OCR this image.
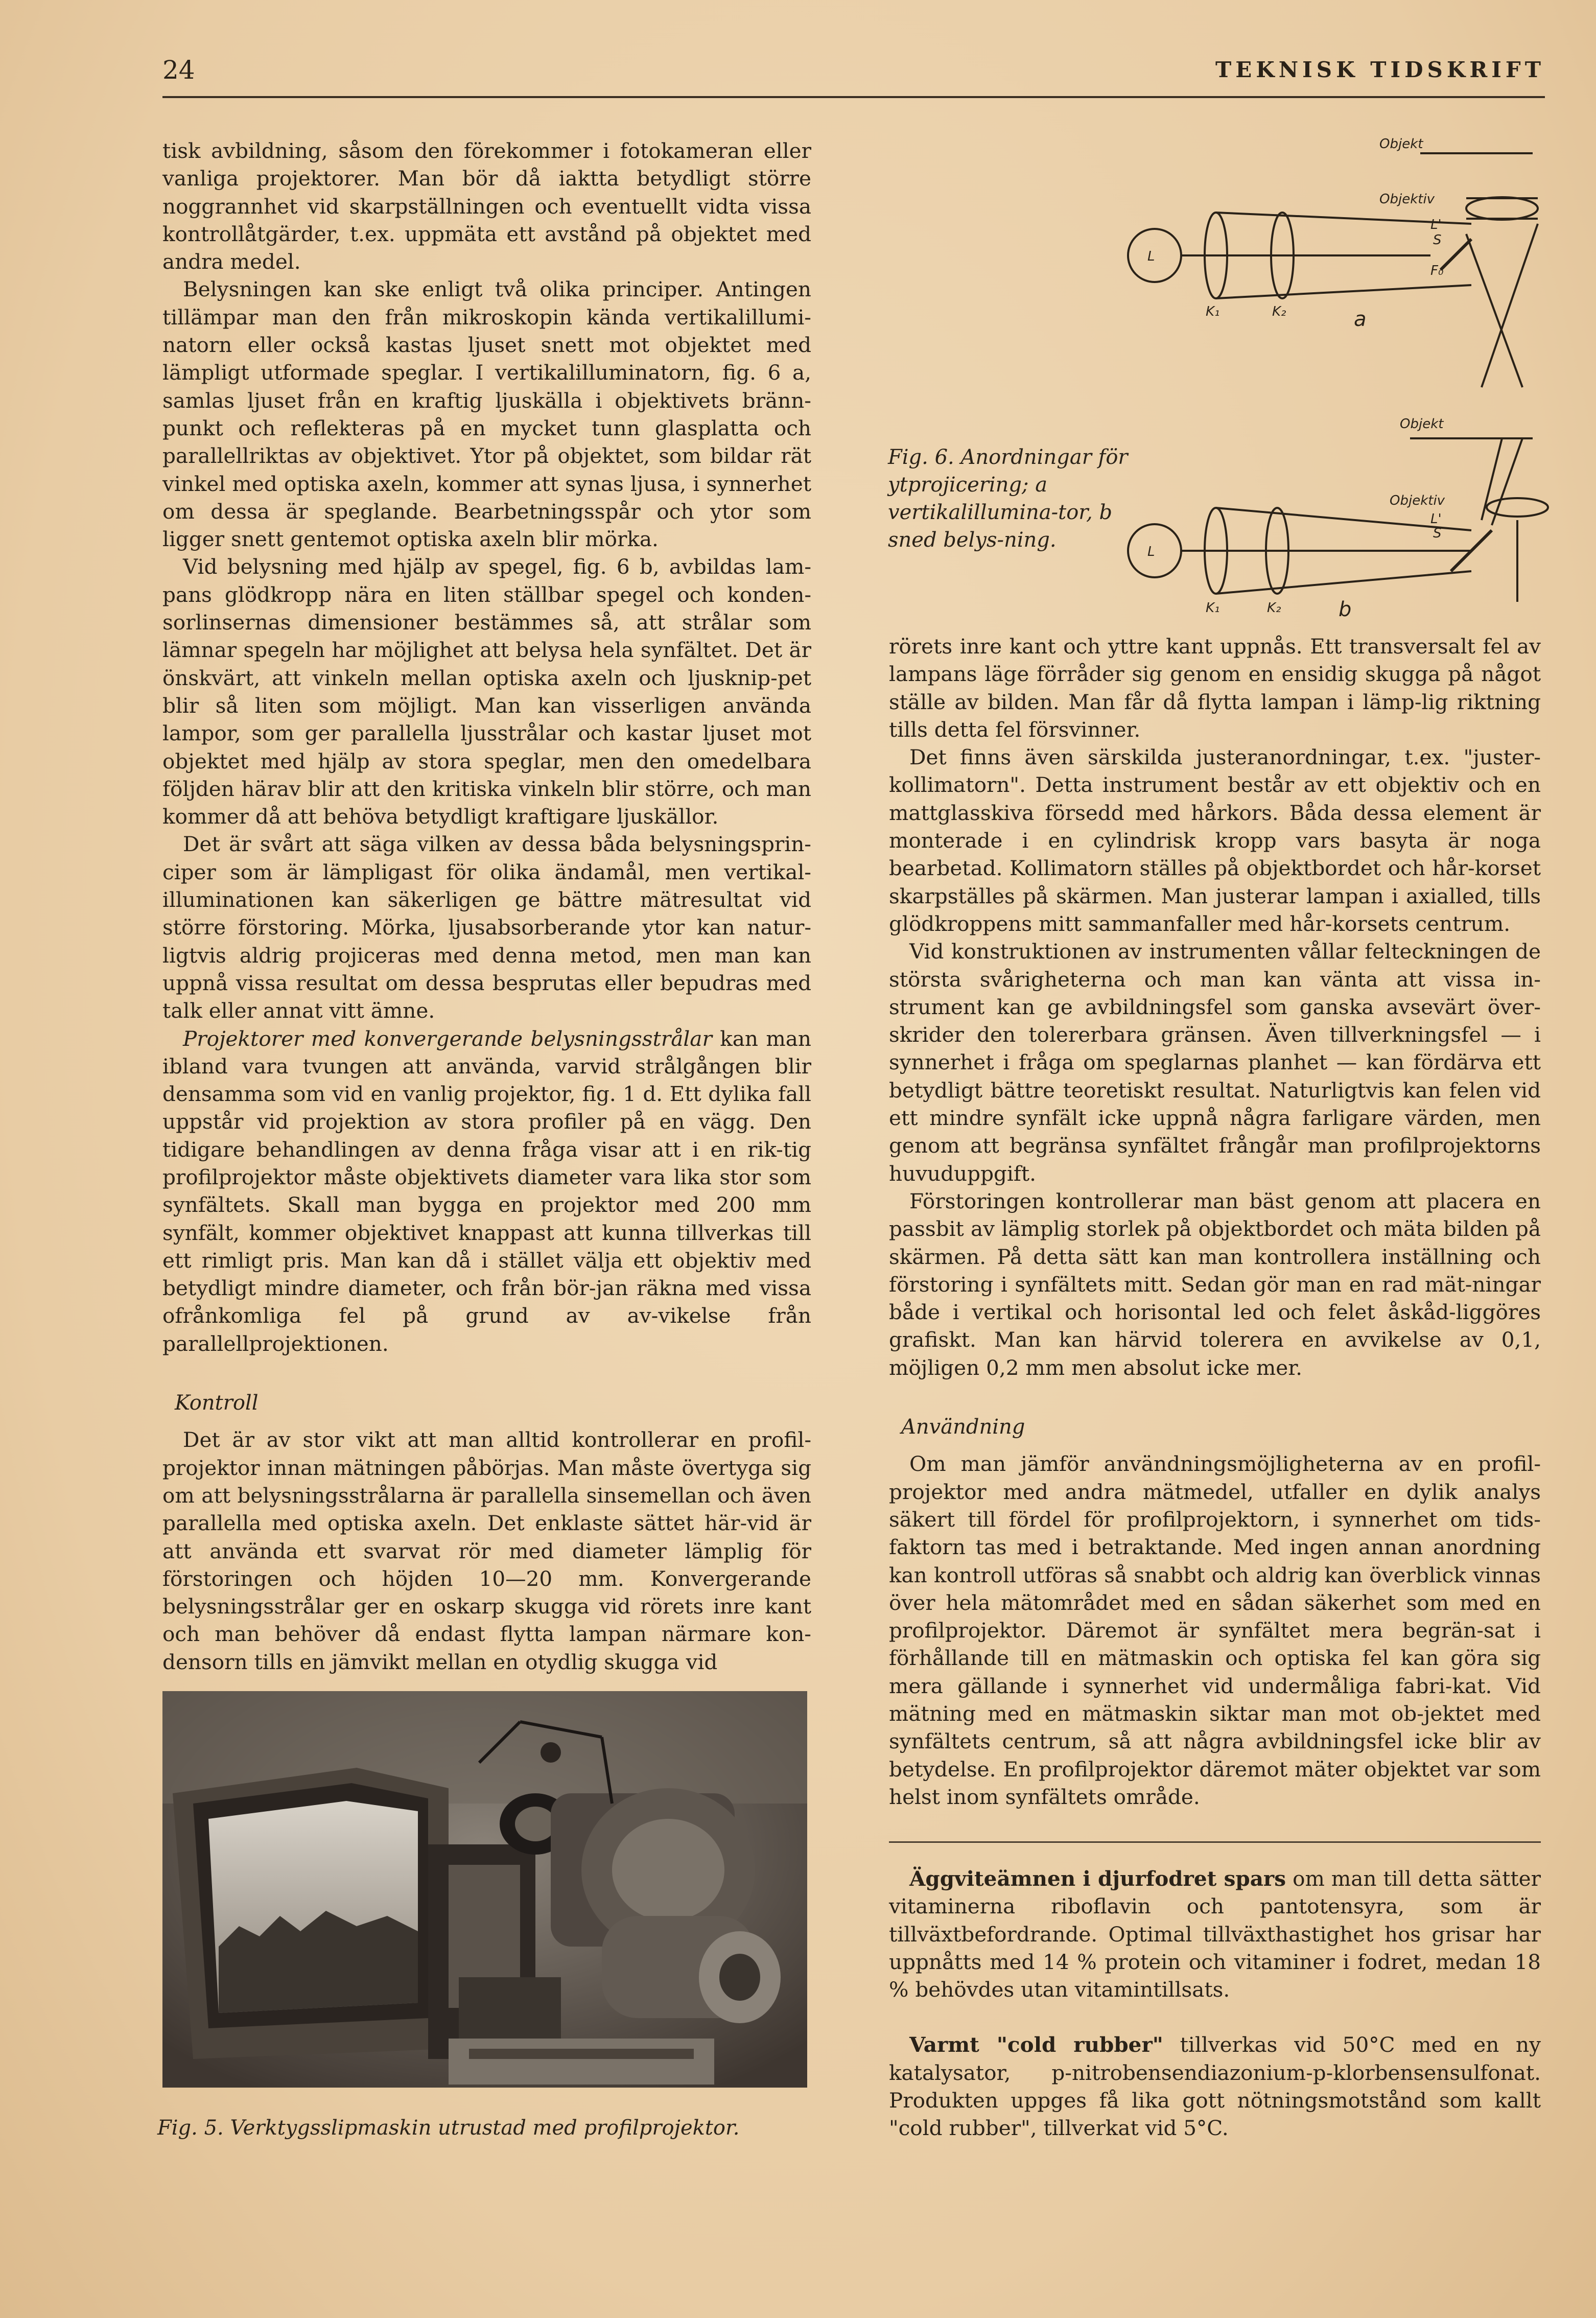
24	TEKNISK TIDSKRIFT

tisk avbildning, såsom den förekommer i fotokameran eller vanliga projektorer. Man bör då iaktta betydligt större noggrannhet vid skarpställningen och eventuellt vidta vissa kontrollåtgärder, t.ex. uppmäta ett avstånd på objektet med andra medel.

Belysningen kan ske enligt två olika principer. Antingen tillämpar man den från mikroskopin kända vertikalillumi-natorn eller också kastas ljuset snett mot objektet med lämpligt utformade speglar. I vertikalilluminatorn, fig. 6 a, samlas ljuset från en kraftig ljuskälla i objektivets bränn-punkt och reflekteras på en mycket tunn glasplatta och parallellriktas av objektivet. Ytor på objektet, som bildar rät vinkel med optiska axeln, kommer att synas ljusa, i synnerhet om dessa är speglande. Bearbetningsspår och ytor som ligger snett gentemot optiska axeln blir mörka.

Vid belysning med hjälp av spegel, fig. 6 b, avbildas lam-pans glödkropp nära en liten ställbar spegel och konden-sorlinsernas dimensioner bestämmes så, att strålar som lämnar spegeln har möjlighet att belysa hela synfältet. Det är önskvärt, att vinkeln mellan optiska axeln och ljusknip-pet blir så liten som möjligt. Man kan visserligen använda lampor, som ger parallella ljusstrålar och kastar ljuset mot objektet med hjälp av stora speglar, men den omedelbara följden härav blir att den kritiska vinkeln blir större, och man kommer då att behöva betydligt kraftigare ljuskällor.

Det är svårt att säga vilken av dessa båda belysningsprin-ciper som är lämpligast för olika ändamål, men vertikal-illuminationen kan säkerligen ge bättre mätresultat vid större förstoring. Mörka, ljusabsorberande ytor kan natur-ligtvis aldrig projiceras med denna metod, men man kan uppnå vissa resultat om dessa besprutas eller bepudras med talk eller annat vitt ämne.

Projektorer med konvergerande belysningsstrålar kan man ibland vara tvungen att använda, varvid strålgången blir densamma som vid en vanlig projektor, fig. 1 d. Ett dylika fall uppstår vid projektion av stora profiler på en vägg. Den tidigare behandlingen av denna fråga visar att i en rik-tig profilprojektor måste objektivets diameter vara lika stor som synfältets. Skall man bygga en projektor med 200 mm synfält, kommer objektivet knappast att kunna tillverkas till ett rimligt pris. Man kan då i stället välja ett objektiv med betydligt mindre diameter, och från bör-jan räkna med vissa ofrånkomliga fel på grund av av-vikelse från parallellprojektionen.

Kontroll

Det är av stor vikt att man alltid kontrollerar en profil-projektor innan mätningen påbörjas. Man måste övertyga sig om att belysningsstrålarna är parallella sinsemellan och även parallella med optiska axeln. Det enklaste sättet här-vid är att använda ett svarvat rör med diameter lämplig för förstoringen och höjden 10—20 mm. Konvergerande belysningsstrålar ger en oskarp skugga vid rörets inre kant och man behöver då endast flytta lampan närmare kon-densorn tills en jämvikt mellan en otydlig skugga vid

Fig. 5. Verktygsslipmaskin utrustad med profilprojektor.
Objekt
Objektiv
L'
S
F₀
L
K₁	K₂	a
Objekt
Objektiv
L'
S
L
K₁	K₂	b
Fig. 6. Anordningar för ytprojicering; a vertikalillumina-tor, b sned belys-ning.

rörets inre kant och yttre kant uppnås. Ett transversalt fel av lampans läge förråder sig genom en ensidig skugga på något ställe av bilden. Man får då flytta lampan i lämp-lig riktning tills detta fel försvinner.

Det finns även särskilda justeranordningar, t.ex. "juster-kollimatorn". Detta instrument består av ett objektiv och en mattglasskiva försedd med hårkors. Båda dessa element är monterade i en cylindrisk kropp vars basyta är noga bearbetad. Kollimatorn ställes på objektbordet och hår-korset skarpställes på skärmen. Man justerar lampan i axialled, tills glödkroppens mitt sammanfaller med hår-korsets centrum.

Vid konstruktionen av instrumenten vållar felteckningen de största svårigheterna och man kan vänta att vissa in-strument kan ge avbildningsfel som ganska avsevärt över-skrider den tolererbara gränsen. Även tillverkningsfel — i synnerhet i fråga om speglarnas planhet — kan fördärva ett betydligt bättre teoretiskt resultat. Naturligtvis kan felen vid ett mindre synfält icke uppnå några farligare värden, men genom att begränsa synfältet frångår man profilprojektorns huvuduppgift.

Förstoringen kontrollerar man bäst genom att placera en passbit av lämplig storlek på objektbordet och mäta bilden på skärmen. På detta sätt kan man kontrollera inställning och förstoring i synfältets mitt. Sedan gör man en rad mät-ningar både i vertikal och horisontal led och felet åskåd-liggöres grafiskt. Man kan härvid tolerera en avvikelse av 0,1, möjligen 0,2 mm men absolut icke mer.

Användning

Om man jämför användningsmöjligheterna av en profil-projektor med andra mätmedel, utfaller en dylik analys säkert till fördel för profilprojektorn, i synnerhet om tids-faktorn tas med i betraktande. Med ingen annan anordning kan kontroll utföras så snabbt och aldrig kan överblick vinnas över hela mätområdet med en sådan säkerhet som med en profilprojektor. Däremot är synfältet mera begrän-sat i förhållande till en mätmaskin och optiska fel kan göra sig mera gällande i synnerhet vid undermåliga fabri-kat. Vid mätning med en mätmaskin siktar man mot ob-jektet med synfältets centrum, så att några avbildningsfel icke blir av betydelse. En profilprojektor däremot mäter objektet var som helst inom synfältets område.

Äggviteämnen i djurfodret spars om man till detta sätter vitaminerna riboflavin och pantotensyra, som är tillväxtbefordrande. Optimal tillväxthastighet hos grisar har uppnåtts med 14 % protein och vitaminer i fodret, medan 18 % behövdes utan vitamintillsats.

Varmt "cold rubber" tillverkas vid 50°C med en ny katalysator, p-nitrobensendiazonium-p-klorbensensulfonat. Produkten uppges få lika gott nötningsmotstånd som kallt "cold rubber", tillverkat vid 5°C.
